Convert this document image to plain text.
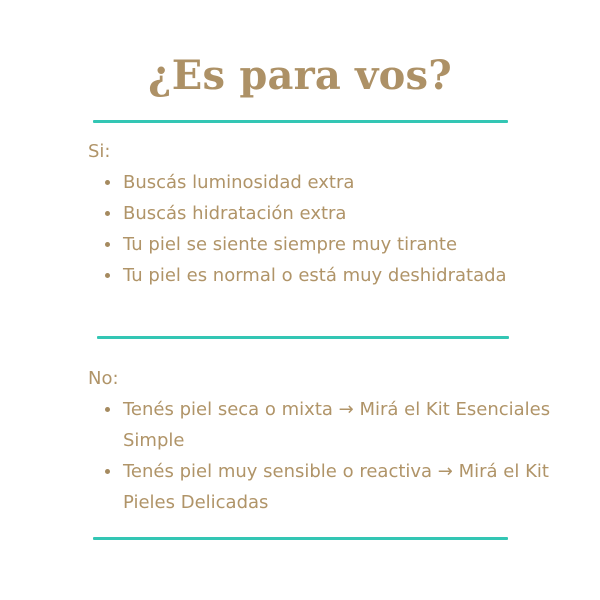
¿Es para vos?
Si:
Buscás luminosidad extra
Buscás hidratación extra
Tu piel se siente siempre muy tirante
Tu piel es normal o está muy deshidratada
No:
Tenés piel seca o mixta → Mirá el Kit Esenciales Simple
Tenés piel muy sensible o reactiva → Mirá el Kit Pieles Delicadas
